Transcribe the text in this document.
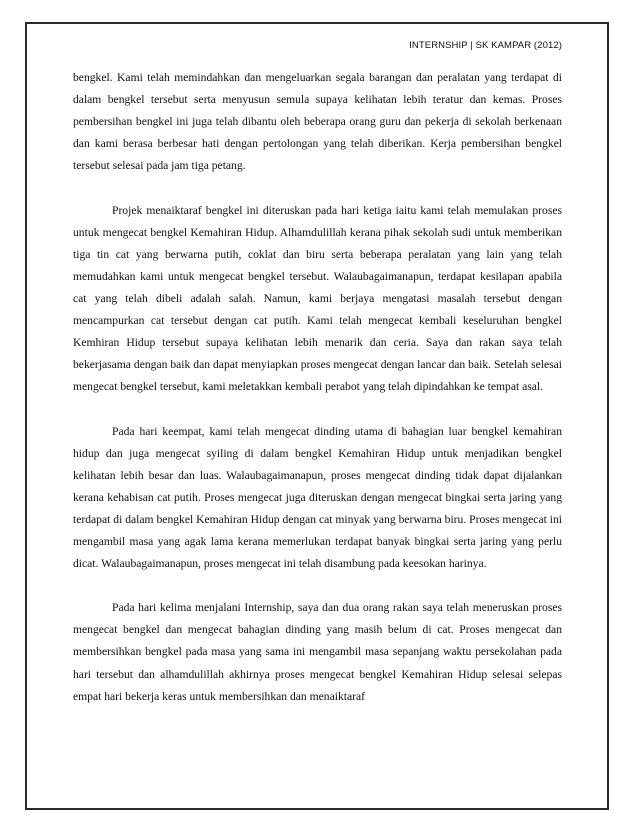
INTERNSHIP | SK KAMPAR (2012)

bengkel. Kami telah memindahkan dan mengeluarkan segala barangan dan peralatan yang terdapat di dalam bengkel tersebut serta menyusun semula supaya kelihatan lebih teratur dan kemas. Proses pembersihan bengkel ini juga telah dibantu oleh beberapa orang guru dan pekerja di sekolah berkenaan dan kami berasa berbesar hati dengan pertolongan yang telah diberikan. Kerja pembersihan bengkel tersebut selesai pada jam tiga petang.

Projek menaiktaraf bengkel ini diteruskan pada hari ketiga iaitu kami telah memulakan proses untuk mengecat bengkel Kemahiran Hidup. Alhamdulillah kerana pihak sekolah sudi untuk memberikan tiga tin cat yang berwarna putih, coklat dan biru serta beberapa peralatan yang lain yang telah memudahkan kami untuk mengecat bengkel tersebut. Walaubagaimanapun, terdapat kesilapan apabila cat yang telah dibeli adalah salah. Namun, kami berjaya mengatasi masalah tersebut dengan mencampurkan cat tersebut dengan cat putih. Kami telah mengecat kembali keseluruhan bengkel Kemhiran Hidup tersebut supaya kelihatan lebih menarik dan ceria. Saya dan rakan saya telah bekerjasama dengan baik dan dapat menyiapkan proses mengecat dengan lancar dan baik. Setelah selesai mengecat bengkel tersebut, kami meletakkan kembali perabot yang telah dipindahkan ke tempat asal.

Pada hari keempat, kami telah mengecat dinding utama di bahagian luar bengkel kemahiran hidup dan juga mengecat syiling di dalam bengkel Kemahiran Hidup untuk menjadikan bengkel kelihatan lebih besar dan luas. Walaubagaimanapun, proses mengecat dinding tidak dapat dijalankan kerana kehabisan cat putih. Proses mengecat juga diteruskan dengan mengecat bingkai serta jaring yang terdapat di dalam bengkel Kemahiran Hidup dengan cat minyak yang berwarna biru. Proses mengecat ini mengambil masa yang agak lama kerana memerlukan terdapat banyak bingkai serta jaring yang perlu dicat. Walaubagaimanapun, proses mengecat ini telah disambung pada keesokan harinya.

Pada hari kelima menjalani Internship, saya dan dua orang rakan saya telah meneruskan proses mengecat bengkel dan mengecat bahagian dinding yang masih belum di cat. Proses mengecat dan membersihkan bengkel pada masa yang sama ini mengambil masa sepanjang waktu persekolahan pada hari tersebut dan alhamdulillah akhirnya proses mengecat bengkel Kemahiran Hidup selesai selepas empat hari bekerja keras untuk membersihkan dan menaiktaraf
